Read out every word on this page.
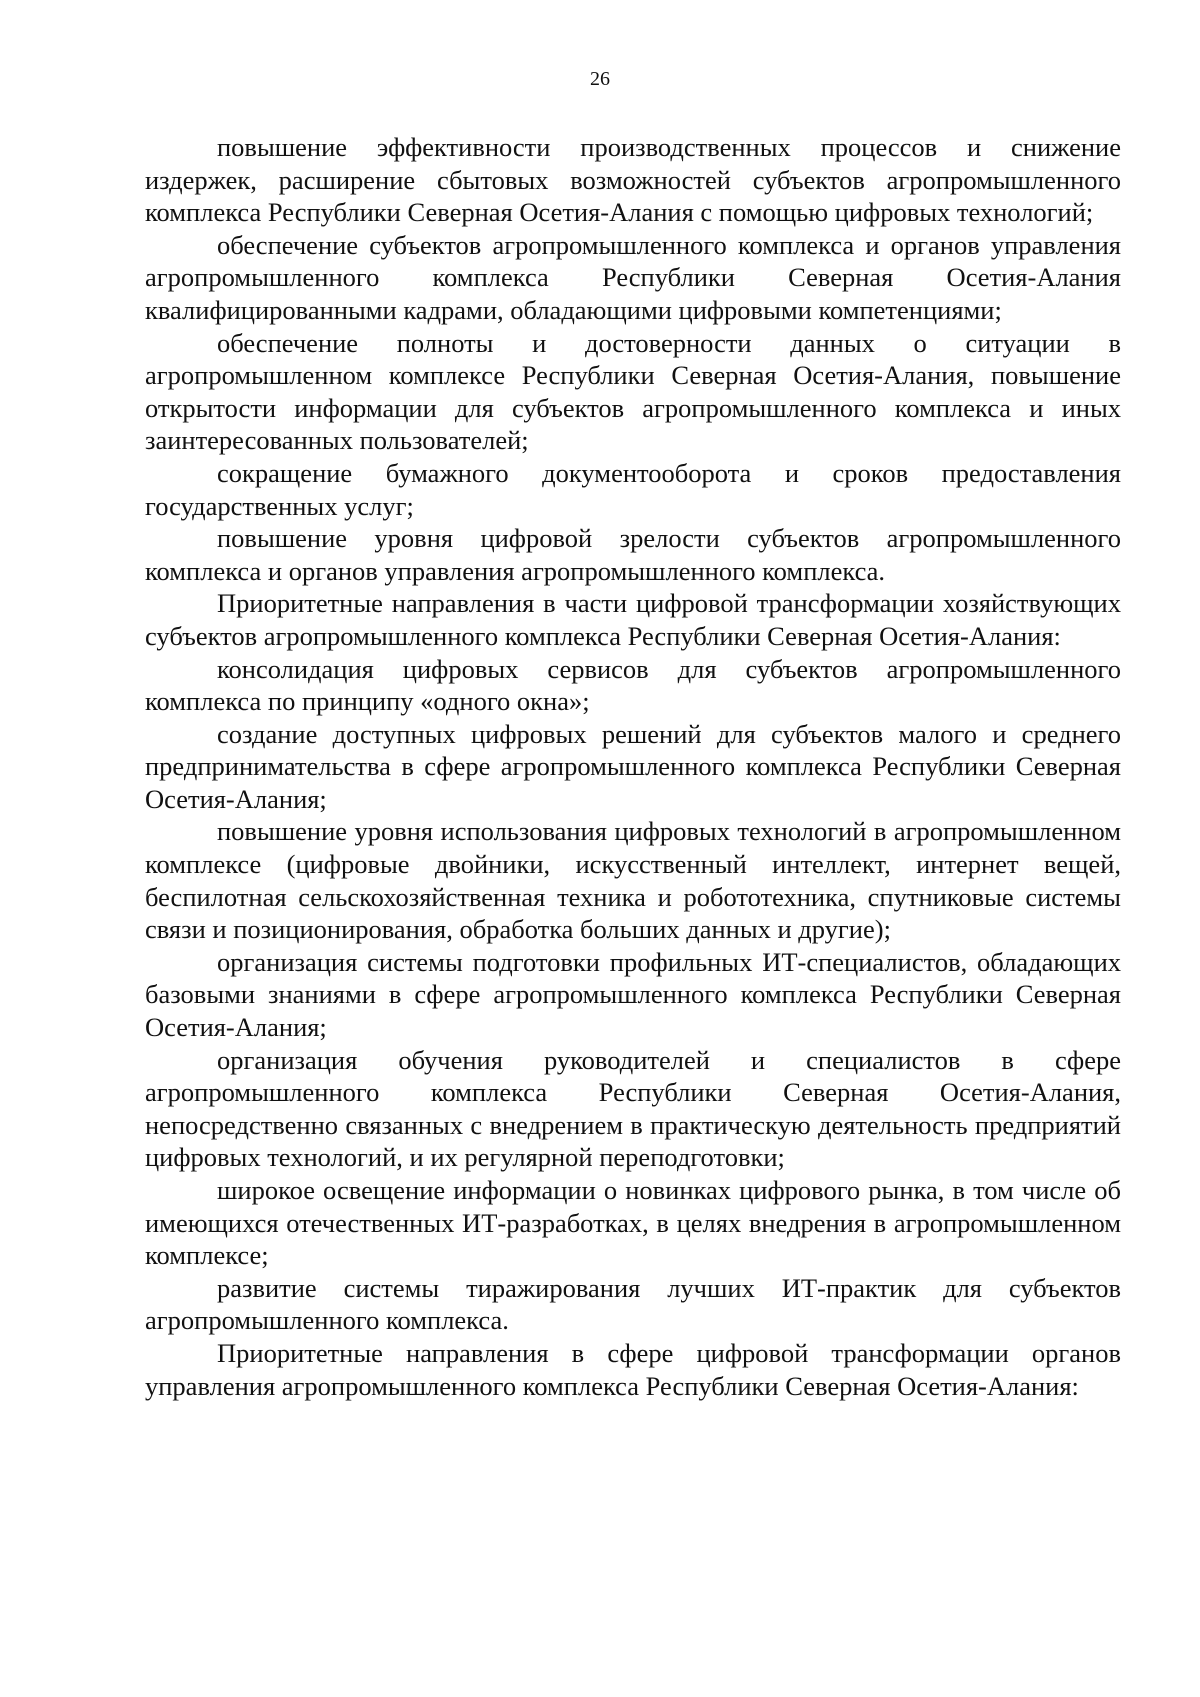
26

повышение эффективности производственных процессов и снижение издержек, расширение сбытовых возможностей субъектов агропромышленного комплекса Республики Северная Осетия-Алания с помощью цифровых технологий;

обеспечение субъектов агропромышленного комплекса и органов управления агропромышленного комплекса Республики Северная Осетия-Алания квалифицированными кадрами, обладающими цифровыми компетенциями;

обеспечение полноты и достоверности данных о ситуации в агропромышленном комплексе Республики Северная Осетия-Алания, повышение открытости информации для субъектов агропромышленного комплекса и иных заинтересованных пользователей;

сокращение бумажного документооборота и сроков предоставления государственных услуг;

повышение уровня цифровой зрелости субъектов агропромышленного комплекса и органов управления агропромышленного комплекса.

Приоритетные направления в части цифровой трансформации хозяйствующих субъектов агропромышленного комплекса Республики Северная Осетия-Алания:

консолидация цифровых сервисов для субъектов агропромышленного комплекса по принципу «одного окна»;

создание доступных цифровых решений для субъектов малого и среднего предпринимательства в сфере агропромышленного комплекса Республики Северная Осетия-Алания;

повышение уровня использования цифровых технологий в агропромышленном комплексе (цифровые двойники, искусственный интеллект, интернет вещей, беспилотная сельскохозяйственная техника и робототехника, спутниковые системы связи и позиционирования, обработка больших данных и другие);

организация системы подготовки профильных ИТ-специалистов, обладающих базовыми знаниями в сфере агропромышленного комплекса Республики Северная Осетия-Алания;

организация обучения руководителей и специалистов в сфере агропромышленного комплекса Республики Северная Осетия-Алания, непосредственно связанных с внедрением в практическую деятельность предприятий цифровых технологий, и их регулярной переподготовки;

широкое освещение информации о новинках цифрового рынка, в том числе об имеющихся отечественных ИТ-разработках, в целях внедрения в агропромышленном комплексе;

развитие системы тиражирования лучших ИТ-практик для субъектов агропромышленного комплекса.

Приоритетные направления в сфере цифровой трансформации органов управления агропромышленного комплекса Республики Северная Осетия-Алания:
